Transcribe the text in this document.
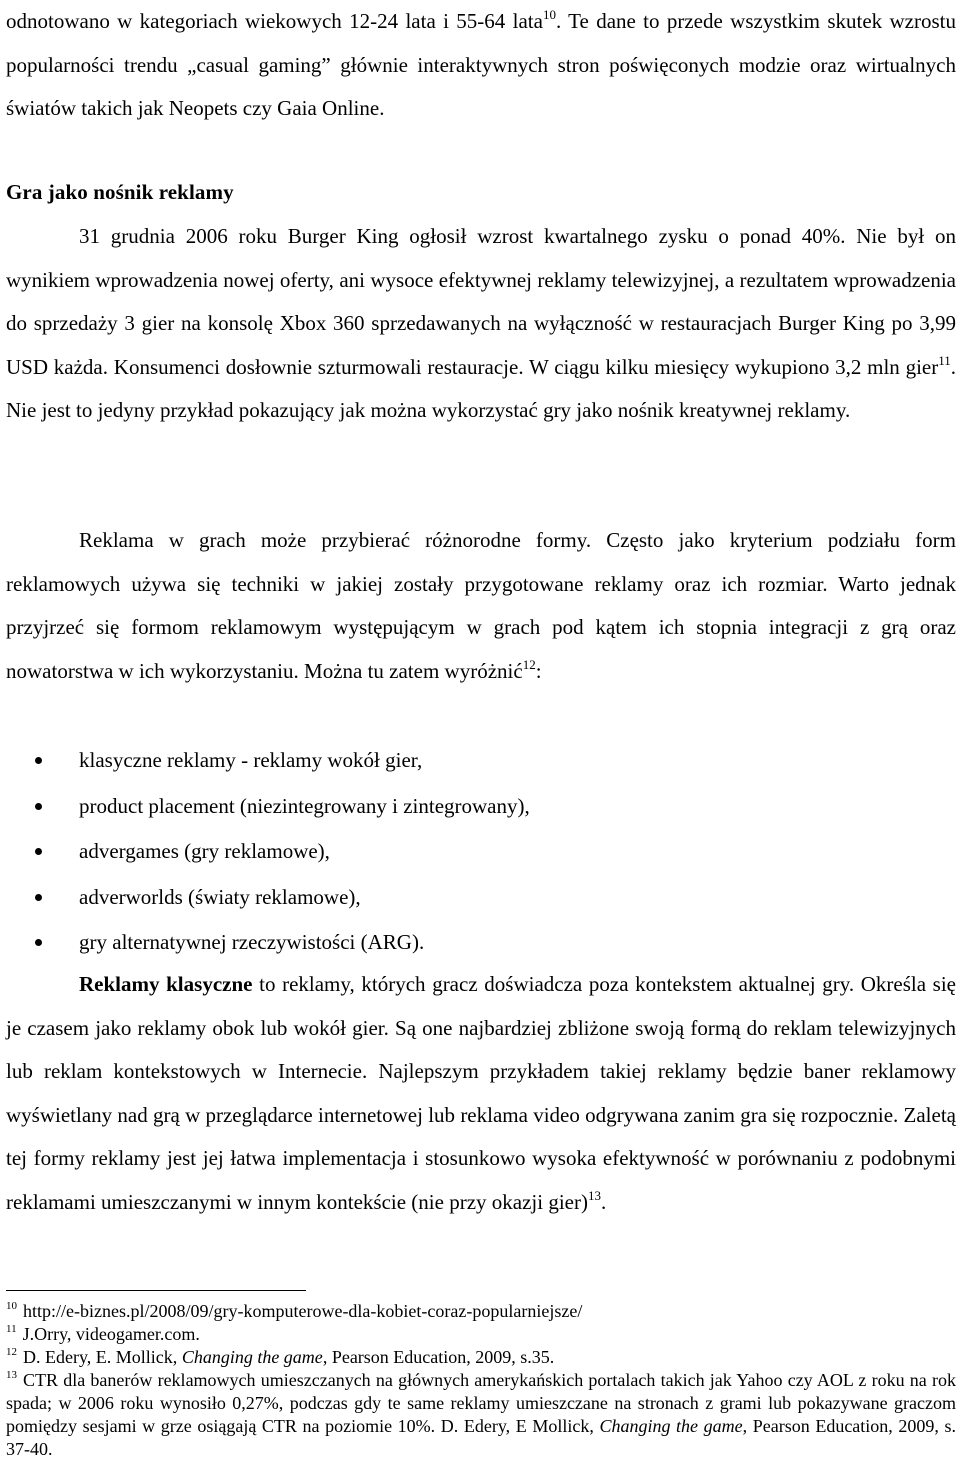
odnotowano w kategoriach wiekowych 12-24 lata i 55-64 lata$^{10}$. Te dane to przede wszystkim skutek wzrostu popularności trendu „casual gaming” głównie interaktywnych stron poświęconych modzie oraz wirtualnych światów takich jak Neopets czy Gaia Online.

Gra jako nośnik reklamy

31 grudnia 2006 roku Burger King ogłosił wzrost kwartalnego zysku o ponad 40%. Nie był on wynikiem wprowadzenia nowej oferty, ani wysoce efektywnej reklamy telewizyjnej, a rezultatem wprowadzenia do sprzedaży 3 gier na konsolę Xbox 360 sprzedawanych na wyłączność w restauracjach Burger King po 3,99 USD każda. Konsumenci dosłownie szturmowali restauracje. W ciągu kilku miesięcy wykupiono 3,2 mln gier$^{11}$. Nie jest to jedyny przykład pokazujący jak można wykorzystać gry jako nośnik kreatywnej reklamy.

Reklama w grach może przybierać różnorodne formy. Często jako kryterium podziału form reklamowych używa się techniki w jakiej zostały przygotowane reklamy oraz ich rozmiar. Warto jednak przyjrzeć się formom reklamowym występującym w grach pod kątem ich stopnia integracji z grą oraz nowatorstwa w ich wykorzystaniu. Można tu zatem wyróżnić$^{12}$:

klasyczne reklamy - reklamy wokół gier,
product placement (niezintegrowany i zintegrowany),
advergames (gry reklamowe),
adverworlds (światy reklamowe),
gry alternatywnej rzeczywistości (ARG).

Reklamy klasyczne to reklamy, których gracz doświadcza poza kontekstem aktualnej gry. Określa się je czasem jako reklamy obok lub wokół gier. Są one najbardziej zbliżone swoją formą do reklam telewizyjnych lub reklam kontekstowych w Internecie. Najlepszym przykładem takiej reklamy będzie baner reklamowy wyświetlany nad grą w przeglądarce internetowej lub reklama video odgrywana zanim gra się rozpocznie. Zaletą tej formy reklamy jest jej łatwa implementacja i stosunkowo wysoka efektywność w porównaniu z podobnymi reklamami umieszczanymi w innym kontekście (nie przy okazji gier)$^{13}$.

$^{10}$ http://e-biznes.pl/2008/09/gry-komputerowe-dla-kobiet-coraz-popularniejsze/

$^{11}$ J.Orry, videogamer.com.

$^{12}$ D. Edery, E. Mollick, Changing the game, Pearson Education, 2009, s.35.

$^{13}$ CTR dla banerów reklamowych umieszczanych na głównych amerykańskich portalach takich jak Yahoo czy AOL z roku na rok spada; w 2006 roku wynosiło 0,27%, podczas gdy te same reklamy umieszczane na stronach z grami lub pokazywane graczom pomiędzy sesjami w grze osiągają CTR na poziomie 10%. D. Edery, E Mollick, Changing the game, Pearson Education, 2009, s. 37-40.
